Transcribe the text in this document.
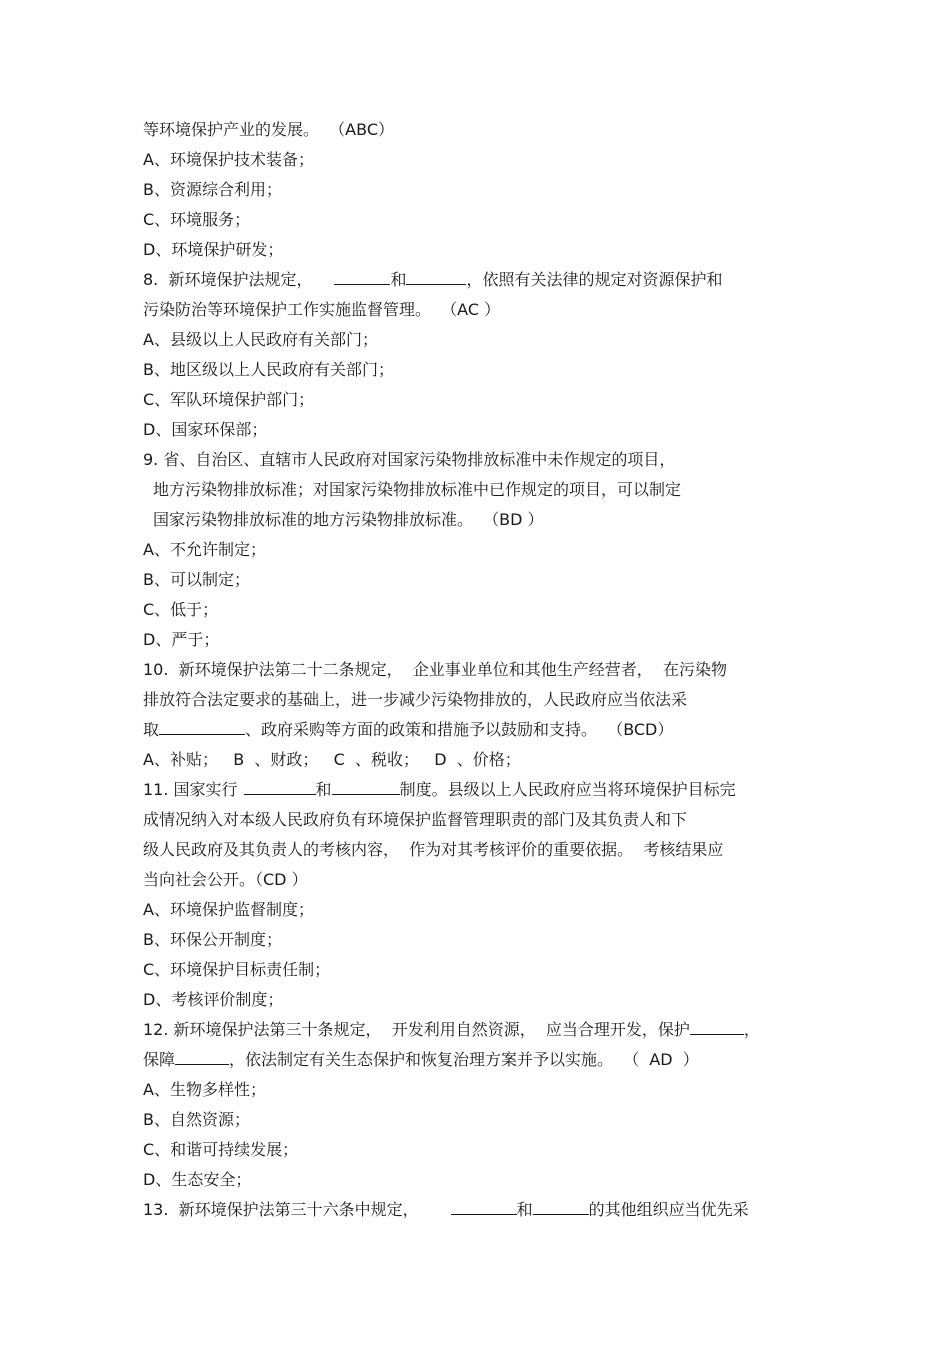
等环境保护产业的发展。  （ABC）
A、环境保护技术装备；
B、资源综合利用；
C、环境服务；
D、环境保护研发；
8.  新环境保护法规定，	和	，依照有关法律的规定对资源保护和
污染防治等环境保护工作实施监督管理。  （AC ）
A、县级以上人民政府有关部门；
B、地区级以上人民政府有关部门；
C、军队环境保护部门；
D、国家环保部；
9. 省、自治区、直辖市人民政府对国家污染物排放标准中未作规定的项目，
地方污染物排放标准；对国家污染物排放标准中已作规定的项目，可以制定
国家污染物排放标准的地方污染物排放标准。  （BD ）
A、不允许制定；
B、可以制定；
C、低于；
D、严于；
10.  新环境保护法第二十二条规定，  企业事业单位和其他生产经营者，  在污染物
排放符合法定要求的基础上，进一步减少污染物排放的，人民政府应当依法采
取	、政府采购等方面的政策和措施予以鼓励和支持。  （BCD）
A、补贴；   B  、财政；   C  、税收；   D  、价格；
11. 国家实行	和	制度。县级以上人民政府应当将环境保护目标完
成情况纳入对本级人民政府负有环境保护监督管理职责的部门及其负责人和下
级人民政府及其负责人的考核内容，  作为对其考核评价的重要依据。  考核结果应
当向社会公开。（CD ）
A、环境保护监督制度；
B、环保公开制度；
C、环境保护目标责任制；
D、考核评价制度；
12. 新环境保护法第三十条规定，  开发利用自然资源，  应当合理开发，保护	，
保障	，依法制定有关生态保护和恢复治理方案并予以实施。  （  AD  ）
A、生物多样性；
B、自然资源；
C、和谐可持续发展；
D、生态安全；
13.  新环境保护法第三十六条中规定，	和	的其他组织应当优先采
